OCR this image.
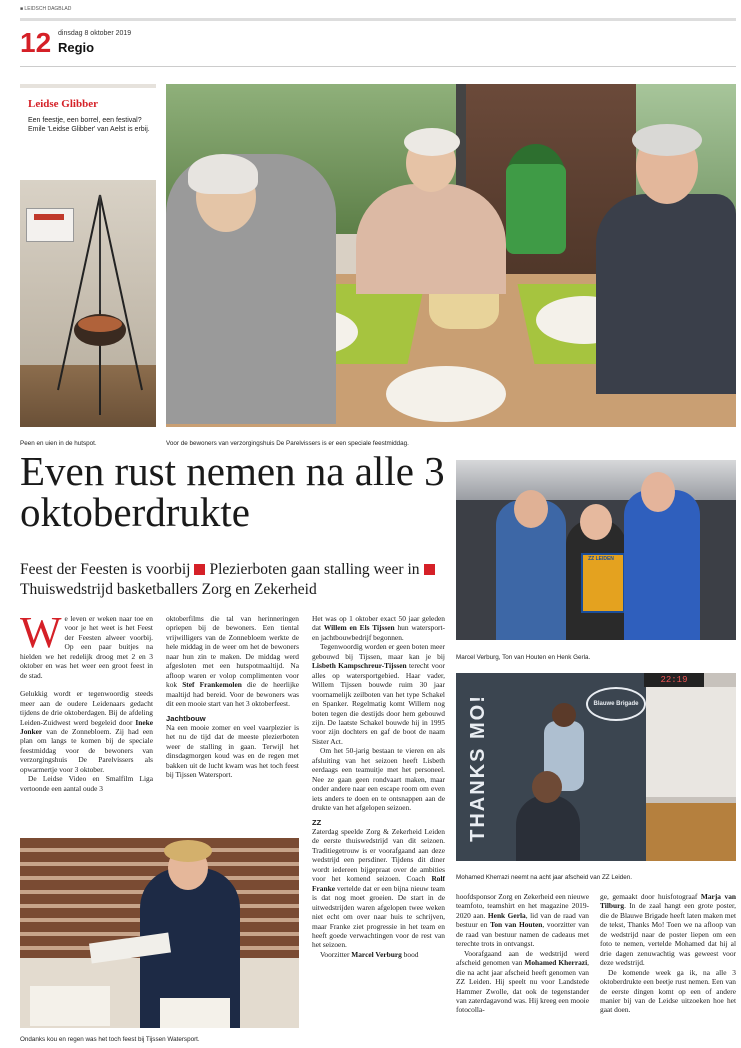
■ LEIDSCH DAGBLAD
12 dinsdag 8 oktober 2019
Regio
Leidse Glibber
Een feestje, een borrel, een festival? Emile 'Leidse Glibber' van Aelst is erbij.
Peen en uien in de hutspot.	Voor de bewoners van verzorgingshuis De Parelvissers is er een speciale feestmiddag.
Even rust nemen na alle 3 oktoberdrukte
Feest der Feesten is voorbij Plezierboten gaan stalling weer inThuiswedstrijd basketballers Zorg en Zekerheid
ZZ LEIDEN
Marcel Verburg, Ton van Houten en Henk Gerla.
THANKS MO!	Blauwe Brigade
22:19
Mohamed Kherrazi neemt na acht jaar afscheid van ZZ Leiden.
Ondanks kou en regen was het toch feest bij Tijssen Watersport.

We leven er weken naar toe en voor je het weet is het Feest der Feesten alweer voorbij. Op een paar buitjes na hielden we het redelijk droog met 2 en 3 oktober en was het weer een groot feest in de stad.

Gelukkig wordt er tegenwoordig steeds meer aan de oudere Leidenaars gedacht tijdens de drie oktoberdagen. Bij de afdeling Leiden-Zuidwest werd begeleid door Ineke Jonker van de Zonnebloem. Zij had een plan om langs te komen bij de speciale feestmiddag voor de bewoners van verzorgingshuis De Parelvissers als opwarmertje voor 3 oktober.

De Leidse Video en Smalfilm Liga vertoonde een aantal oude 3

oktoberfilms die tal van herinneringen opriepen bij de bewoners. Een tiental vrijwilligers van de Zonnebloem werkte de hele middag in de weer om het de bewoners naar hun zin te maken. De middag werd afgesloten met een hutspotmaaltijd. Na afloop waren er volop complimenten voor kok Stef Frankemolen die de heerlijke maaltijd had bereid. Voor de bewoners was dit een mooie start van het 3 oktoberfeest.

Jachtbouw

Na een mooie zomer en veel vaarplezier is het nu de tijd dat de meeste plezierboten weer de stalling in gaan. Terwijl het dinsdagmorgen koud was en de regen met bakken uit de lucht kwam was het toch feest bij Tijssen Watersport.

Het was op 1 oktober exact 50 jaar geleden dat Willem en Els Tijssen hun watersport- en jachtbouwbedrijf begonnen.

Tegenwoordig worden er geen boten meer gebouwd bij Tijssen, maar kan je bij Lisbeth Kampschreur-Tijssen terecht voor alles op watersportgebied. Haar vader, Willem Tijssen bouwde ruim 30 jaar voornamelijk zeilboten van het type Schakel en Spanker. Regelmatig komt Willem nog boten tegen die destijds door hem gebouwd zijn. De laatste Schakel bouwde hij in 1995 voor zijn dochters en gaf de boot de naam Sister Act.

Om het 50-jarig bestaan te vieren en als afsluiting van het seizoen heeft Lisbeth eerdaags een teamuitje met het personeel. Nee ze gaan geen rondvaart maken, maar onder andere naar een escape room om even iets anders te doen en te ontsnappen aan de drukte van het afgelopen seizoen.

ZZ

Zaterdag speelde Zorg & Zekerheid Leiden de eerste thuiswedstrijd van dit seizoen. Traditiegetrouw is er voorafgaand aan deze wedstrijd een persdiner. Tijdens dit diner wordt iedereen bijgepraat over de ambities voor het komend seizoen. Coach Rolf Franke vertelde dat er een bijna nieuw team is dat nog moet groeien. De start in de uitwedstrijden waren afgelopen twee weken niet echt om over naar huis te schrijven, maar Franke ziet progressie in het team en heeft goede verwachtingen voor de rest van het seizoen.

Voorzitter Marcel Verburg bood

hoofdsponsor Zorg en Zekerheid een nieuwe teamfoto, teamshirt en het magazine 2019-2020 aan. Henk Gerla, lid van de raad van bestuur en Ton van Houten, voorzitter van de raad van bestuur namen de cadeaus met terechte trots in ontvangst.

Voorafgaand aan de wedstrijd werd afscheid genomen van Mohamed Kherrazi, die na acht jaar afscheid heeft genomen van ZZ Leiden. Hij speelt nu voor Landstede Hammer Zwolle, dat ook de tegenstander van zaterdagavond was. Hij kreeg een mooie fotocolla-

ge, gemaakt door huisfotograaf Marja van Tilburg. In de zaal hangt een grote poster, die de Blauwe Brigade heeft laten maken met de tekst, Thanks Mo! Toen we na afloop van de wedstrijd naar de poster liepen om een foto te nemen, vertelde Mohamed dat hij al drie dagen zenuwachtig was geweest voor deze wedstrijd.

De komende week ga ik, na alle 3 oktoberdrukte een beetje rust nemen. Een van de eerste dingen komt op een of andere manier bij van de Leidse uitzoeken hoe het gaat doen.
